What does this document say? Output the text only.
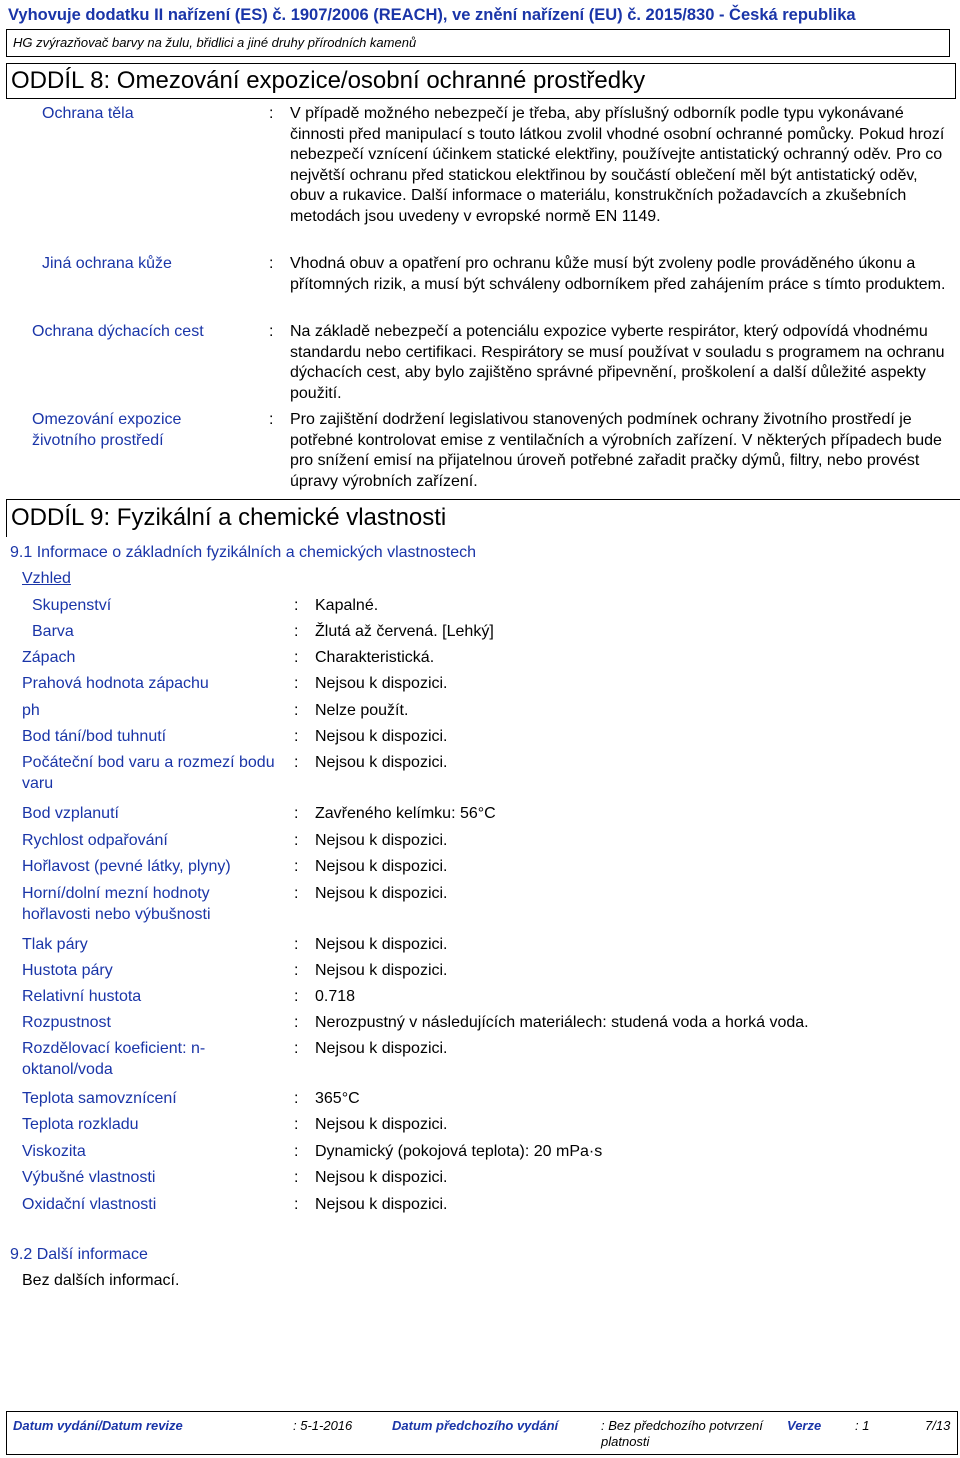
Vyhovuje dodatku II nařízení (ES) č. 1907/2006 (REACH), ve znění nařízení (EU) č. 2015/830 - Česká republika
HG zvýrazňovač barvy na žulu, břidlici a jiné druhy přírodních kamenů
ODDÍL 8: Omezování expozice/osobní ochranné prostředky
Ochrana těla	: V případě možného nebezpečí je třeba, aby příslušný odborník podle typu vykonávané činnosti před manipulací s touto látkou zvolil vhodné osobní ochranné pomůcky. Pokud hrozí nebezpečí vznícení účinkem statické elektřiny, používejte antistatický ochranný oděv. Pro co největší ochranu před statickou elektřinou by součástí oblečení měl být antistatický oděv, obuv a rukavice. Další informace o materiálu, konstrukčních požadavcích a zkušebních metodách jsou uvedeny v evropské normě EN 1149.
Jiná ochrana kůže	: Vhodná obuv a opatření pro ochranu kůže musí být zvoleny podle prováděného úkonu a přítomných rizik, a musí být schváleny odborníkem před zahájením práce s tímto produktem.
Ochrana dýchacích cest	: Na základě nebezpečí a potenciálu expozice vyberte respirátor, který odpovídá vhodnému standardu nebo certifikaci. Respirátory se musí používat v souladu s programem na ochranu dýchacích cest, aby bylo zajištěno správné připevnění, proškolení a další důležité aspekty použití.
Omezování expozice životního prostředí
: Pro zajištění dodržení legislativou stanovených podmínek ochrany životního prostředí je potřebné kontrolovat emise z ventilačních a výrobních zařízení. V některých případech bude pro snížení emisí na přijatelnou úroveň potřebné zařadit pračky dýmů, filtry, nebo provést úpravy výrobních zařízení.
ODDÍL 9: Fyzikální a chemické vlastnosti
9.1 Informace o základních fyzikálních a chemických vlastnostech
Vzhled
Skupenství	: Kapalné.
Barva	: Žlutá až červená. [Lehký]
Zápach	: Charakteristická.
Prahová hodnota zápachu	: Nejsou k dispozici.
ph	: Nelze použít.
Bod tání/bod tuhnutí	: Nejsou k dispozici.
Počáteční bod varu a rozmezí bodu varu
: Nejsou k dispozici.
Bod vzplanutí	: Zavřeného kelímku: 56°C
Rychlost odpařování	: Nejsou k dispozici.
Hořlavost (pevné látky, plyny)	: Nejsou k dispozici.
Horní/dolní mezní hodnoty hořlavosti nebo výbušnosti
: Nejsou k dispozici.
Tlak páry	: Nejsou k dispozici.
Hustota páry	: Nejsou k dispozici.
Relativní hustota	: 0.718
Rozpustnost	: Nerozpustný v následujících materiálech: studená voda a horká voda.
Rozdělovací koeficient: n-oktanol/voda
: Nejsou k dispozici.
Teplota samovznícení	: 365°C
Teplota rozkladu	: Nejsou k dispozici.
Viskozita	: Dynamický (pokojová teplota): 20 mPa·s
Výbušné vlastnosti	: Nejsou k dispozici.
Oxidační vlastnosti	: Nejsou k dispozici.
9.2 Další informace
Bez dalších informací.
Datum vydání/Datum revize	: 5-1-2016	Datum předchozího vydání	: Bez předchozího potvrzení platnosti
Verze	: 1	7/13
